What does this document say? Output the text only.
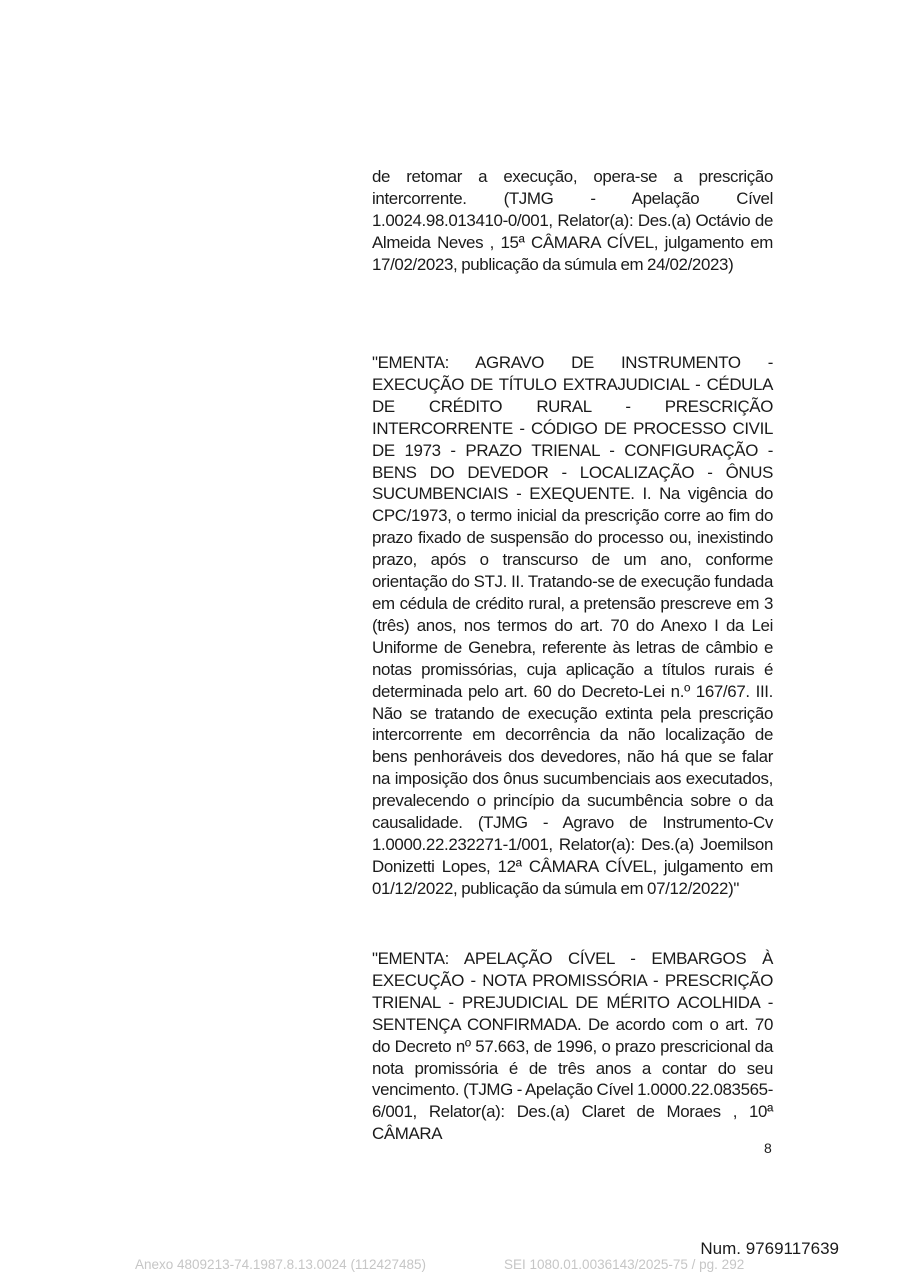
de retomar a execução, opera-se a prescrição intercorrente. (TJMG - Apelação Cível 1.0024.98.013410-0/001, Relator(a): Des.(a) Octávio de Almeida Neves , 15ª CÂMARA CÍVEL, julgamento em 17/02/2023, publicação da súmula em 24/02/2023)
"EMENTA: AGRAVO DE INSTRUMENTO - EXECUÇÃO DE TÍTULO EXTRAJUDICIAL - CÉDULA DE CRÉDITO RURAL - PRESCRIÇÃO INTERCORRENTE - CÓDIGO DE PROCESSO CIVIL DE 1973 - PRAZO TRIENAL - CONFIGURAÇÃO - BENS DO DEVEDOR - LOCALIZAÇÃO - ÔNUS SUCUMBENCIAIS - EXEQUENTE. I. Na vigência do CPC/1973, o termo inicial da prescrição corre ao fim do prazo fixado de suspensão do processo ou, inexistindo prazo, após o transcurso de um ano, conforme orientação do STJ. II. Tratando-se de execução fundada em cédula de crédito rural, a pretensão prescreve em 3 (três) anos, nos termos do art. 70 do Anexo I da Lei Uniforme de Genebra, referente às letras de câmbio e notas promissórias, cuja aplicação a títulos rurais é determinada pelo art. 60 do Decreto-Lei n.º 167/67. III. Não se tratando de execução extinta pela prescrição intercorrente em decorrência da não localização de bens penhoráveis dos devedores, não há que se falar na imposição dos ônus sucumbenciais aos executados, prevalecendo o princípio da sucumbência sobre o da causalidade. (TJMG - Agravo de Instrumento-Cv 1.0000.22.232271-1/001, Relator(a): Des.(a) Joemilson Donizetti Lopes, 12ª CÂMARA CÍVEL, julgamento em 01/12/2022, publicação da súmula em 07/12/2022)"
"EMENTA: APELAÇÃO CÍVEL - EMBARGOS À EXECUÇÃO - NOTA PROMISSÓRIA - PRESCRIÇÃO TRIENAL - PREJUDICIAL DE MÉRITO ACOLHIDA - SENTENÇA CONFIRMADA. De acordo com o art. 70 do Decreto nº 57.663, de 1996, o prazo prescricional da nota promissória é de três anos a contar do seu vencimento. (TJMG - Apelação Cível 1.0000.22.083565-6/001, Relator(a): Des.(a) Claret de Moraes , 10ª CÂMARA
8
Num. 9769117639
Anexo 4809213-74.1987.8.13.0024 (112427485)	SEI 1080.01.0036143/2025-75 / pg. 292
